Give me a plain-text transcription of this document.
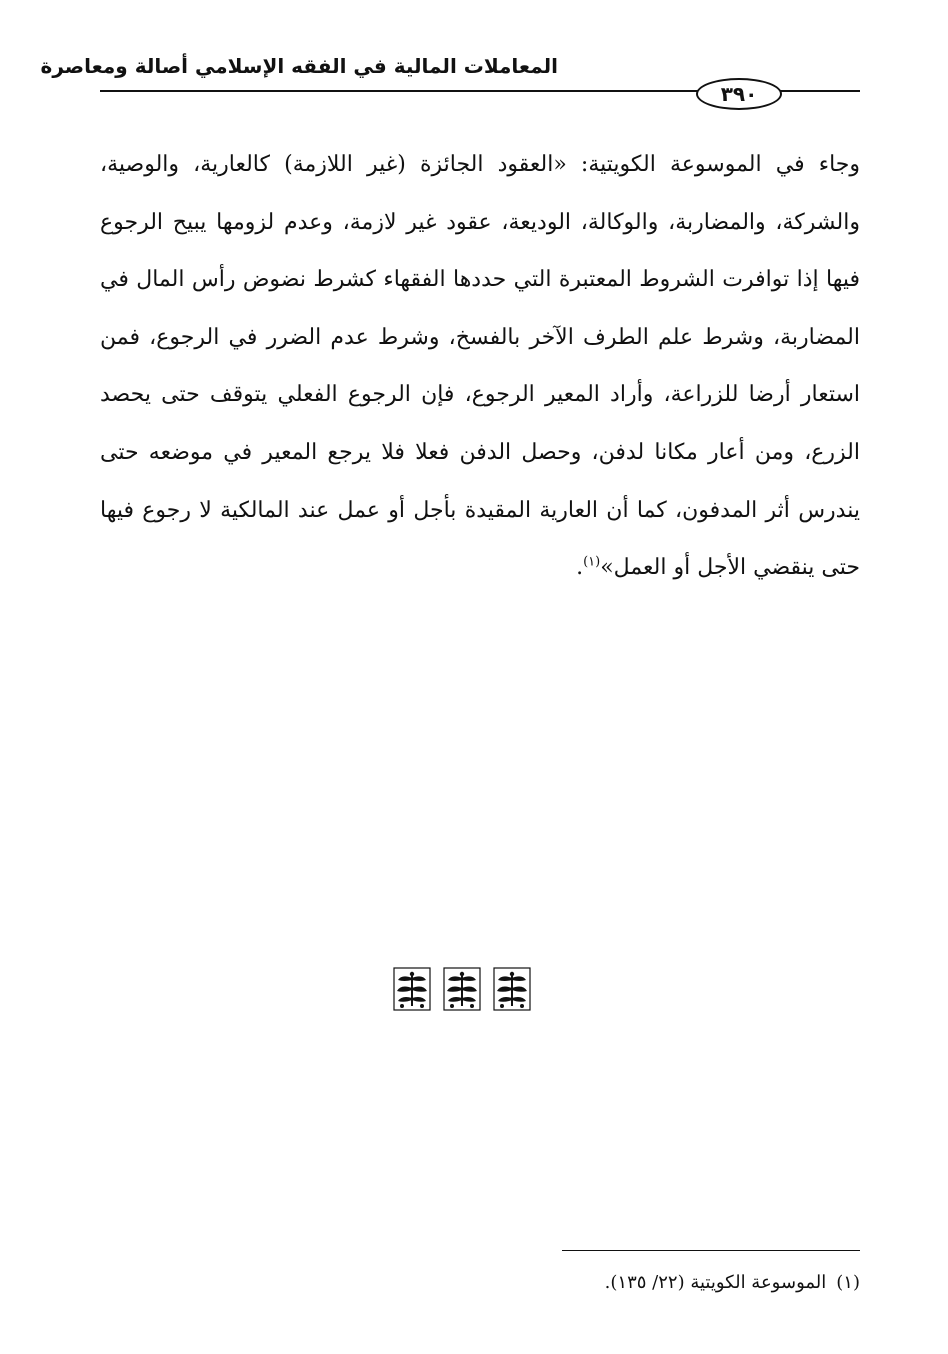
المعاملات المالية في الفقه الإسلامي أصالة ومعاصرة
٣٩٠

وجاء في الموسوعة الكويتية: «العقود الجائزة (غير اللازمة) كالعارية، والوصية، والشركة، والمضاربة، والوكالة، الوديعة، عقود غير لازمة، وعدم لزومها يبيح الرجوع فيها إذا توافرت الشروط المعتبرة التي حددها الفقهاء كشرط نضوض رأس المال في المضاربة، وشرط علم الطرف الآخر بالفسخ، وشرط عدم الضرر في الرجوع، فمن استعار أرضا للزراعة، وأراد المعير الرجوع، فإن الرجوع الفعلي يتوقف حتى يحصد الزرع، ومن أعار مكانا لدفن، وحصل الدفن فعلا فلا يرجع المعير في موضعه حتى يندرس أثر المدفون، كما أن العارية المقيدة بأجل أو عمل عند المالكية لا رجوع فيها حتى ينقضي الأجل أو العمل»$^{(١)}$.

(١)الموسوعة الكويتية (٢٢/ ١٣٥).
